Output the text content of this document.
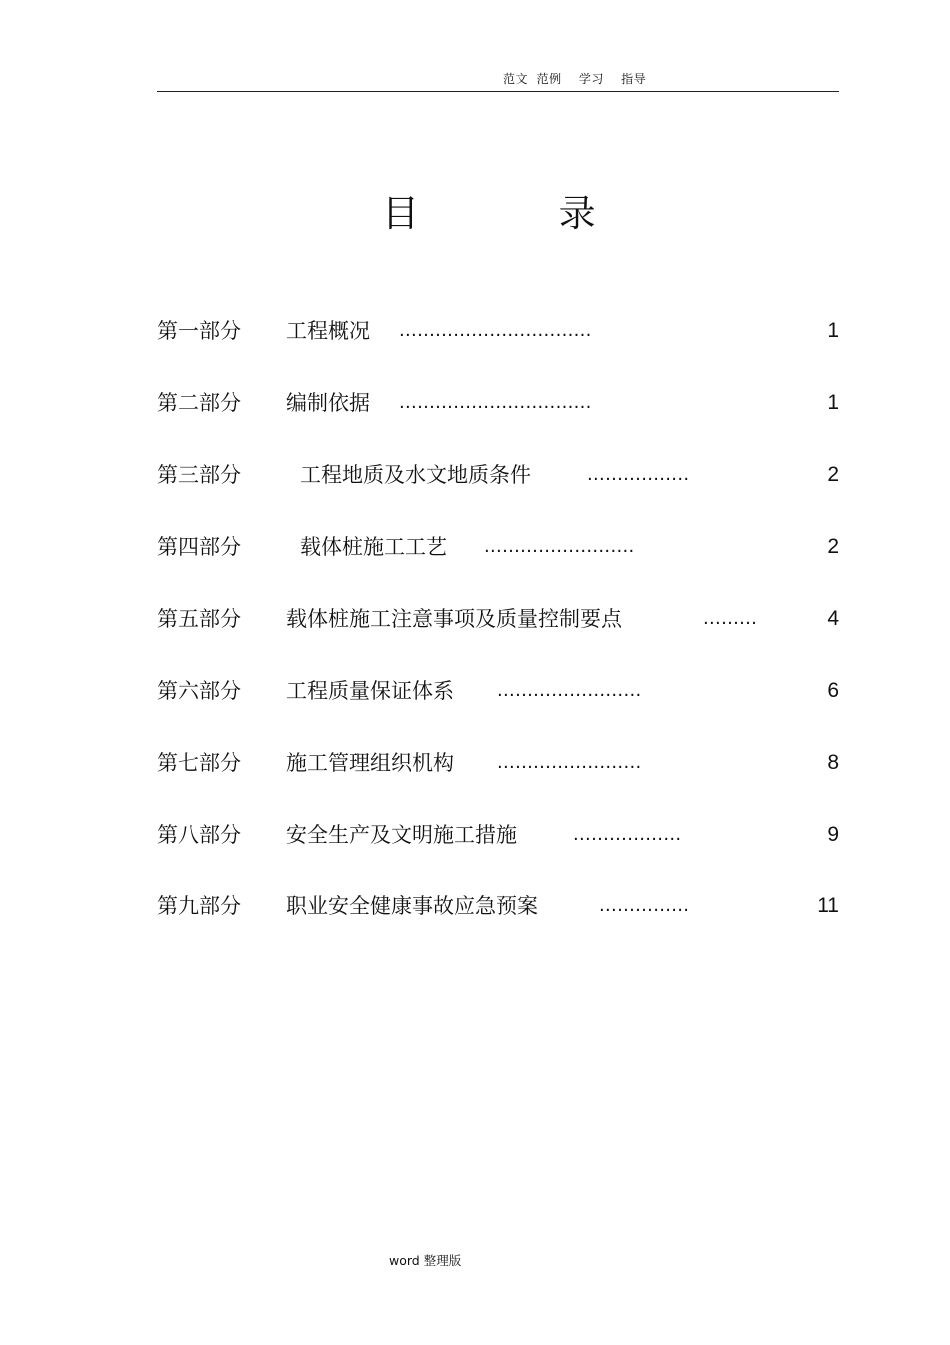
范文  范例    学习    指导
目          录
第一部分 工程概况 ................................	1
第二部分 编制依据 ................................	1
第三部分	工程地质及水文地质条件	.................	2
第四部分	载体桩施工工艺 .........................	2
第五部分 载体桩施工注意事项及质量控制要点	.........	4
第六部分 工程质量保证体系 ........................	6
第七部分 施工管理组织机构 ........................	8
第八部分 安全生产及文明施工措施	..................	9
第九部分 职业安全健康事故应急预案	...............	11
word 整理版
